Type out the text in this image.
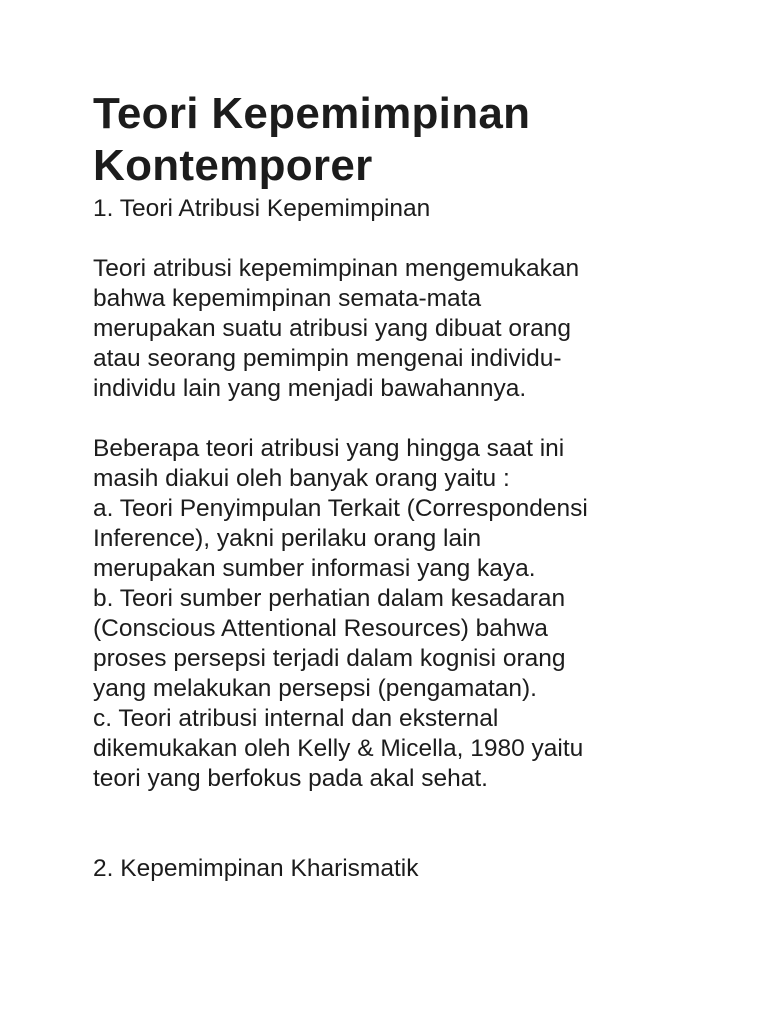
Teori Kepemimpinan
Kontemporer

1. Teori Atribusi Kepemimpinan

Teori atribusi kepemimpinan mengemukakan
bahwa kepemimpinan semata-mata
merupakan suatu atribusi yang dibuat orang
atau seorang pemimpin mengenai individu-
individu lain yang menjadi bawahannya.

Beberapa teori atribusi yang hingga saat ini
masih diakui oleh banyak orang yaitu :
a. Teori Penyimpulan Terkait (Correspondensi
Inference), yakni perilaku orang lain
merupakan sumber informasi yang kaya.
b. Teori sumber perhatian dalam kesadaran
(Conscious Attentional Resources) bahwa
proses persepsi terjadi dalam kognisi orang
yang melakukan persepsi (pengamatan).
c. Teori atribusi internal dan eksternal
dikemukakan oleh Kelly & Micella, 1980 yaitu
teori yang berfokus pada akal sehat.

2. Kepemimpinan Kharismatik
